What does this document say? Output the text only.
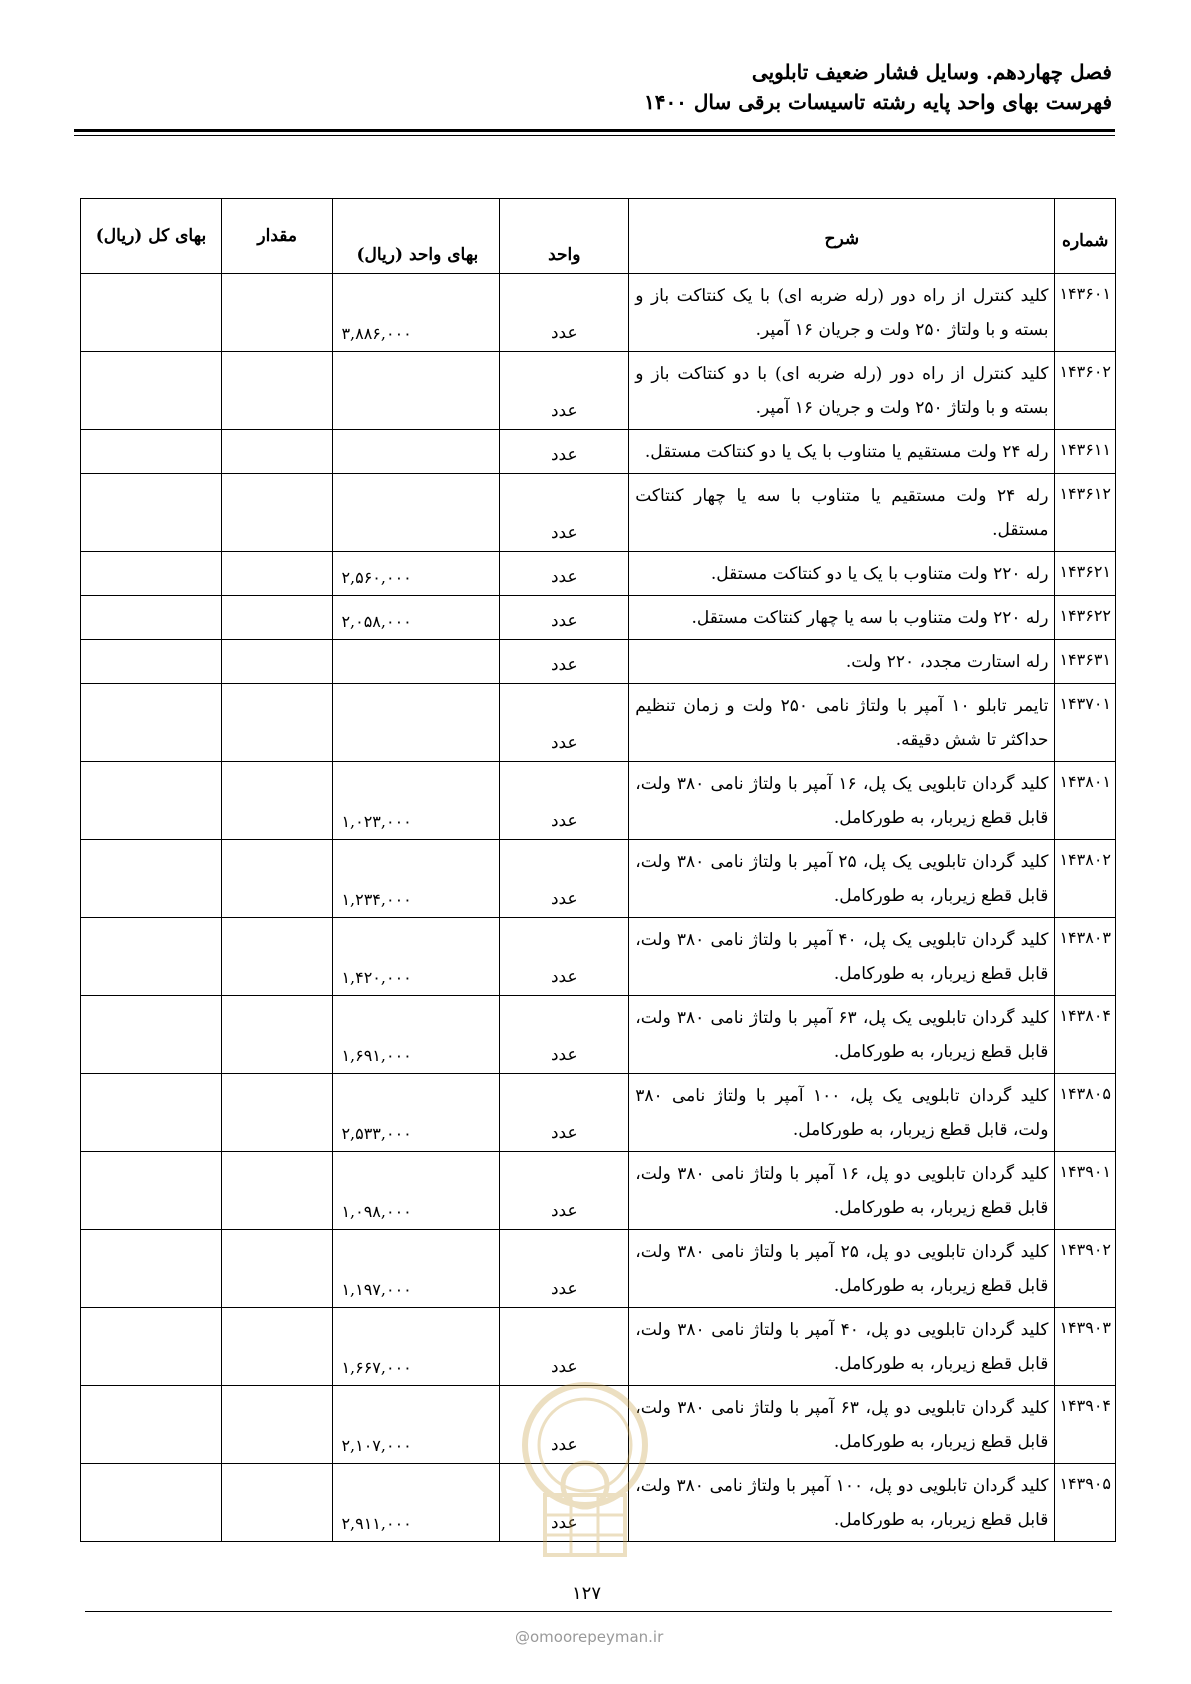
فصل چهاردهم. وسایل فشار ضعیف تابلویی
فهرست بهای واحد پایه رشته تاسیسات برقی سال ۱۴۰۰
شماره	شرح	واحد	بهای واحد (ریال)	مقدار	بهای کل (ریال)
۱۴۳۶۰۱	کلید کنترل از راه دور (رله ضربه ای) با یک کنتاکت باز و بسته و با ولتاژ ۲۵۰ ولت و جریان ۱۶ آمپر.	عدد	۳,۸۸۶,۰۰۰		
۱۴۳۶۰۲	کلید کنترل از راه دور (رله ضربه ای) با دو کنتاکت باز و بسته و با ولتاژ ۲۵۰ ولت و جریان ۱۶ آمپر.	عدد			
۱۴۳۶۱۱	رله ۲۴ ولت مستقیم یا متناوب با یک یا دو کنتاکت مستقل.	عدد			
۱۴۳۶۱۲	رله ۲۴ ولت مستقیم یا متناوب با سه یا چهار کنتاکت مستقل.	عدد			
۱۴۳۶۲۱	رله ۲۲۰ ولت متناوب با یک یا دو کنتاکت مستقل.	عدد	۲,۵۶۰,۰۰۰		
۱۴۳۶۲۲	رله ۲۲۰ ولت متناوب با سه یا چهار کنتاکت مستقل.	عدد	۲,۰۵۸,۰۰۰		
۱۴۳۶۳۱	رله استارت مجدد، ۲۲۰ ولت.	عدد			
۱۴۳۷۰۱	تایمر تابلو ۱۰ آمپر با ولتاژ نامی ۲۵۰ ولت و زمان تنظیم حداکثر تا شش دقیقه.	عدد			
۱۴۳۸۰۱	کلید گردان تابلویی یک پل، ۱۶ آمپر با ولتاژ نامی ۳۸۰ ولت، قابل قطع زیربار، به طورکامل.	عدد	۱,۰۲۳,۰۰۰		
۱۴۳۸۰۲	کلید گردان تابلویی یک پل، ۲۵ آمپر با ولتاژ نامی ۳۸۰ ولت، قابل قطع زیربار، به طورکامل.	عدد	۱,۲۳۴,۰۰۰		
۱۴۳۸۰۳	کلید گردان تابلویی یک پل، ۴۰ آمپر با ولتاژ نامی ۳۸۰ ولت، قابل قطع زیربار، به طورکامل.	عدد	۱,۴۲۰,۰۰۰		
۱۴۳۸۰۴	کلید گردان تابلویی یک پل، ۶۳ آمپر با ولتاژ نامی ۳۸۰ ولت، قابل قطع زیربار، به طورکامل.	عدد	۱,۶۹۱,۰۰۰		
۱۴۳۸۰۵	کلید گردان تابلویی یک پل، ۱۰۰ آمپر با ولتاژ نامی ۳۸۰ ولت، قابل قطع زیربار، به طورکامل.	عدد	۲,۵۳۳,۰۰۰		
۱۴۳۹۰۱	کلید گردان تابلویی دو پل، ۱۶ آمپر با ولتاژ نامی ۳۸۰ ولت، قابل قطع زیربار، به طورکامل.	عدد	۱,۰۹۸,۰۰۰		
۱۴۳۹۰۲	کلید گردان تابلویی دو پل، ۲۵ آمپر با ولتاژ نامی ۳۸۰ ولت، قابل قطع زیربار، به طورکامل.	عدد	۱,۱۹۷,۰۰۰		
۱۴۳۹۰۳	کلید گردان تابلویی دو پل، ۴۰ آمپر با ولتاژ نامی ۳۸۰ ولت، قابل قطع زیربار، به طورکامل.	عدد	۱,۶۶۷,۰۰۰		
۱۴۳۹۰۴	کلید گردان تابلویی دو پل، ۶۳ آمپر با ولتاژ نامی ۳۸۰ ولت، قابل قطع زیربار، به طورکامل.	عدد	۲,۱۰۷,۰۰۰		
۱۴۳۹۰۵	کلید گردان تابلویی دو پل، ۱۰۰ آمپر با ولتاژ نامی ۳۸۰ ولت، قابل قطع زیربار، به طورکامل.	عدد	۲,۹۱۱,۰۰۰		
۱۲۷
@omoorepeyman.ir
